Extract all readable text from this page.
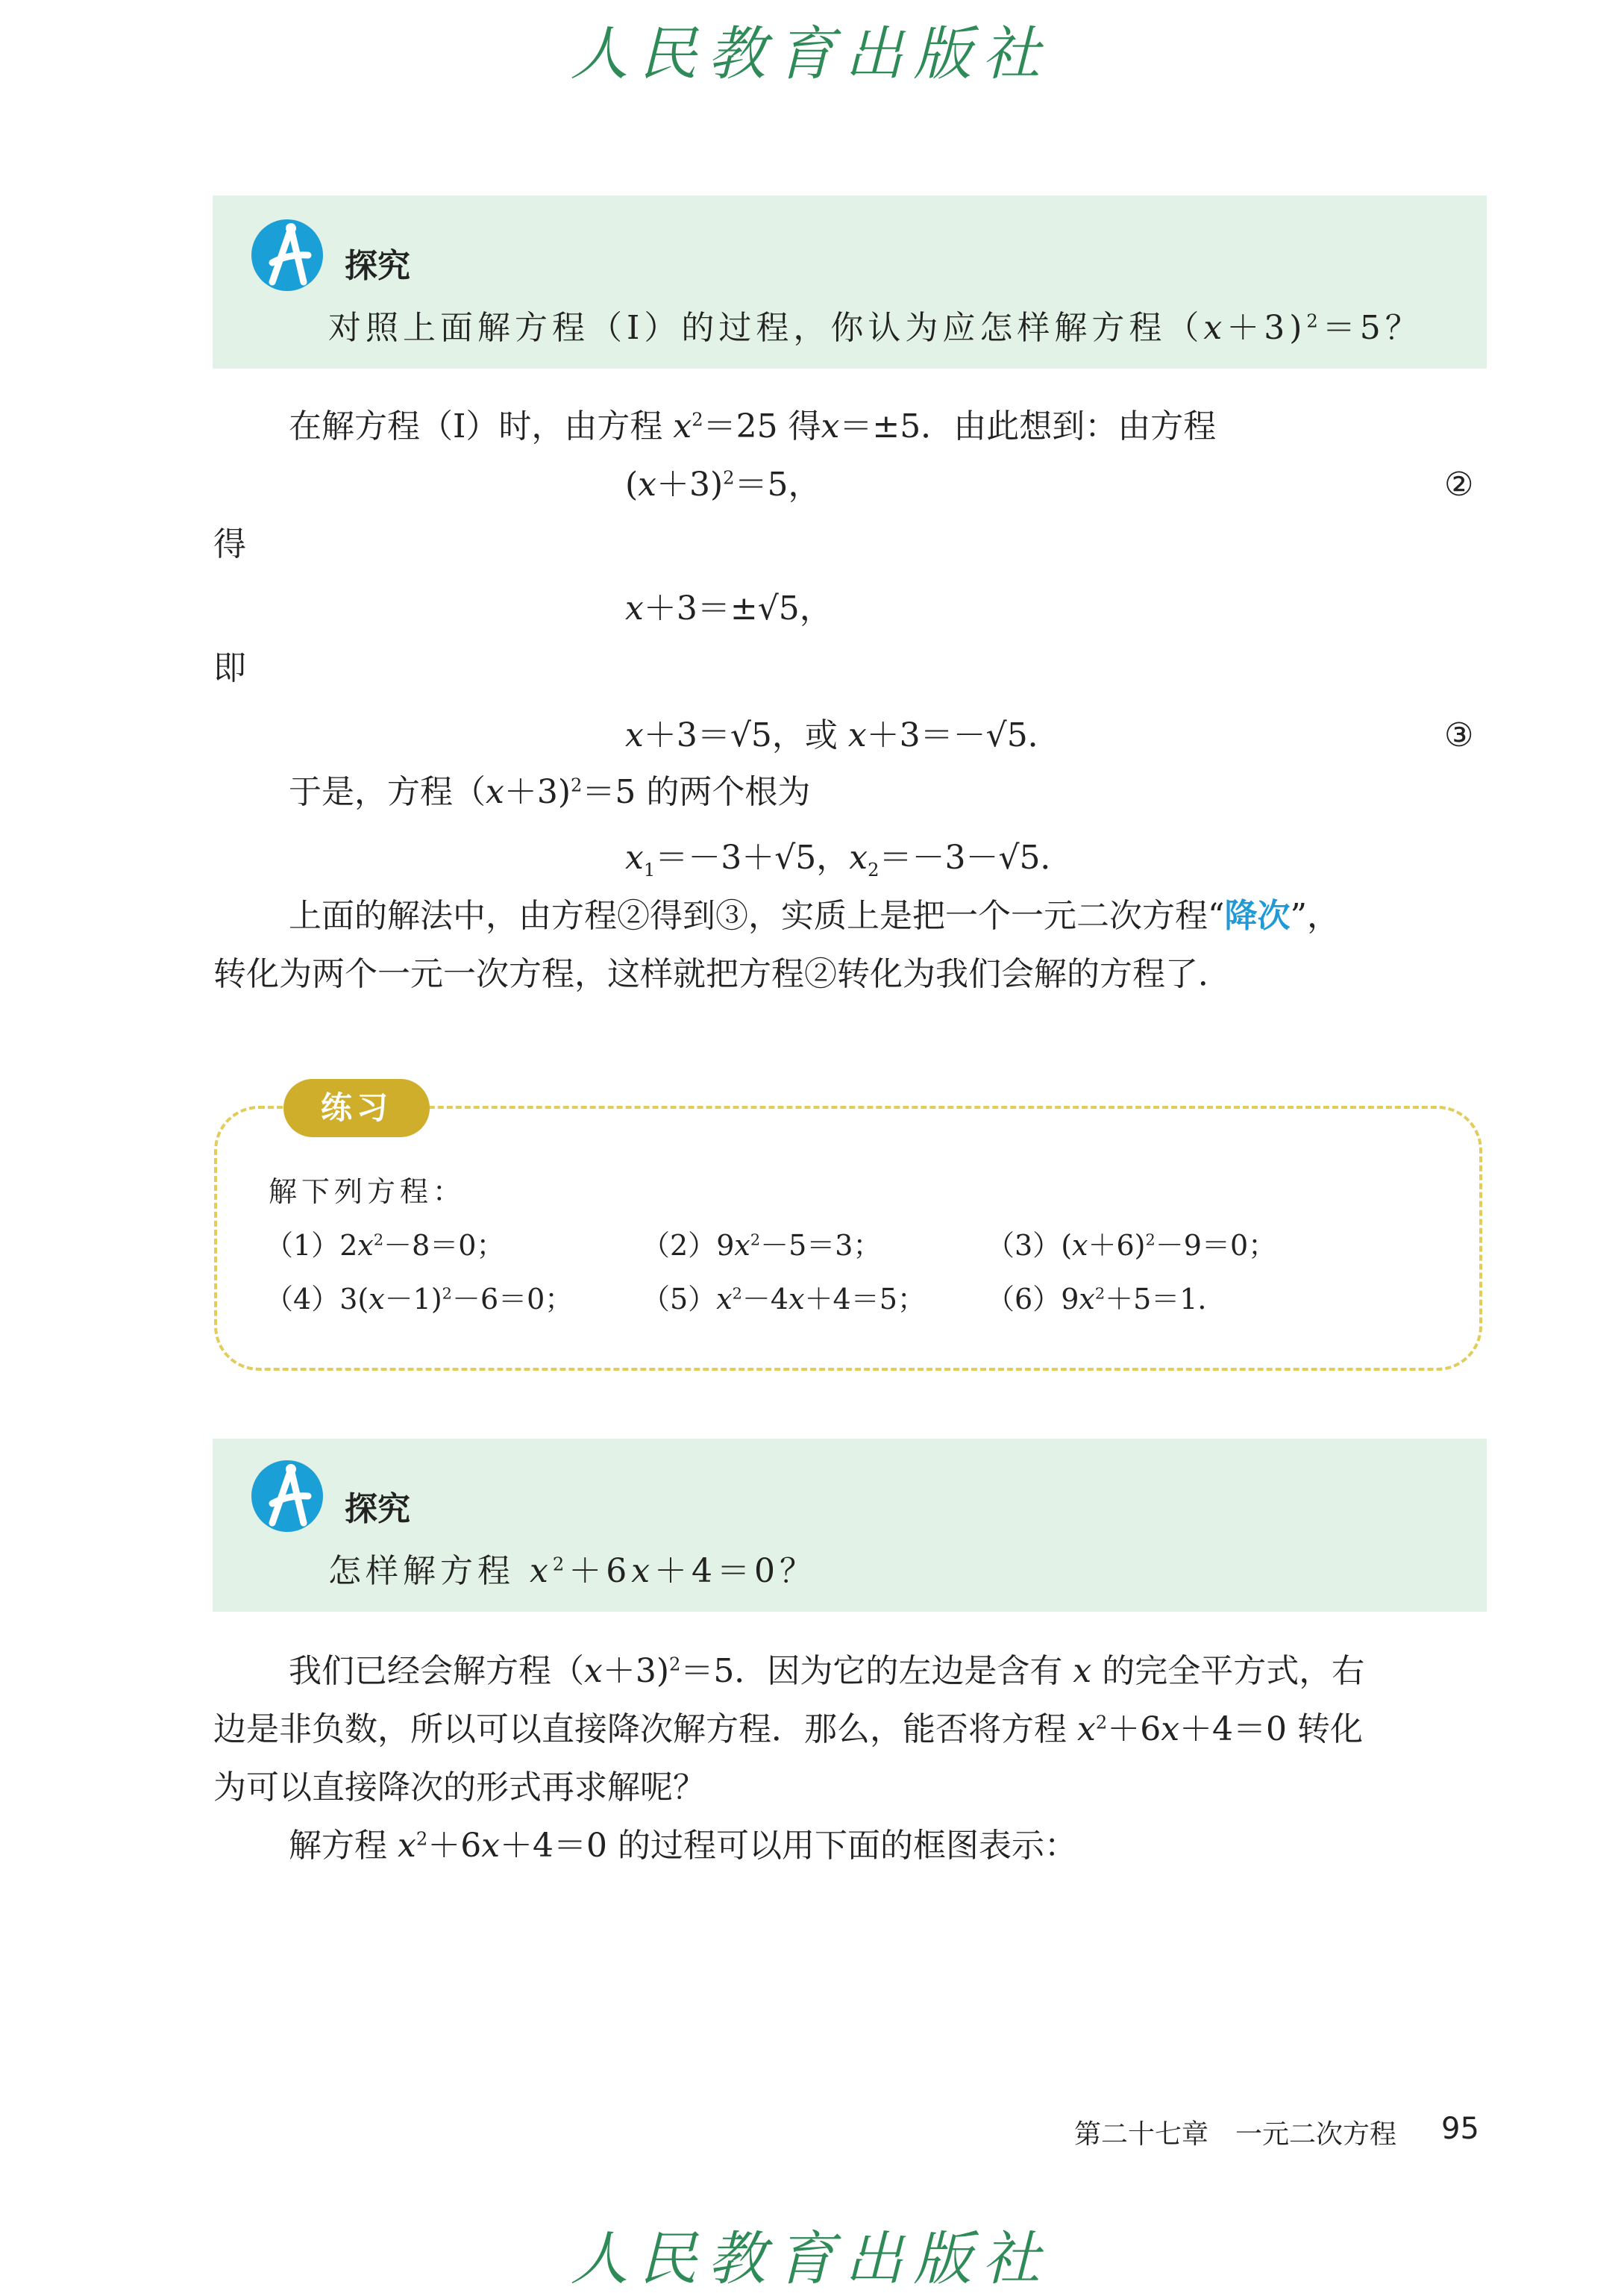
人民教育出版社
探究
对照上面解方程（Ⅰ）的过程，你认为应怎样解方程（x＋3)$^2$＝5？
在解方程（Ⅰ）时，由方程 $x^2=25$ 得x＝±5．由此想到：由方程
$(x+3)^2=5$，	②
得
x＋3＝±√5，
即
x＋3＝√5，或 x＋3＝－√5．	③
于是，方程（x＋3)$^2$＝5 的两个根为
$x_1=-3+√5$，$x_2=-3-√5$．
上面的解法中，由方程②得到③，实质上是把一个一元二次方程“降次”，
转化为两个一元一次方程，这样就把方程②转化为我们会解的方程了．
练习
解下列方程：
$(1)2x^2-8=0$；	$(2)9x^2-5=3$；	$(3)(x+6)^2-9=0$；
$(4)3(x-1)^2-6=0$； $(5)x^2-4x+4=5$； $(6)9x^2+5=1$．
探究
怎样解方程 $x^2+6x+4=0$？
我们已经会解方程（x＋3)$^2$＝5．因为它的左边是含有 x 的完全平方式，右
边是非负数，所以可以直接降次解方程．那么，能否将方程 $x^2+6x+4=0$ 转化
为可以直接降次的形式再求解呢？
解方程 $x^2+6x+4=0$ 的过程可以用下面的框图表示：
第二十七章　一元二次方程 95
人民教育出版社
